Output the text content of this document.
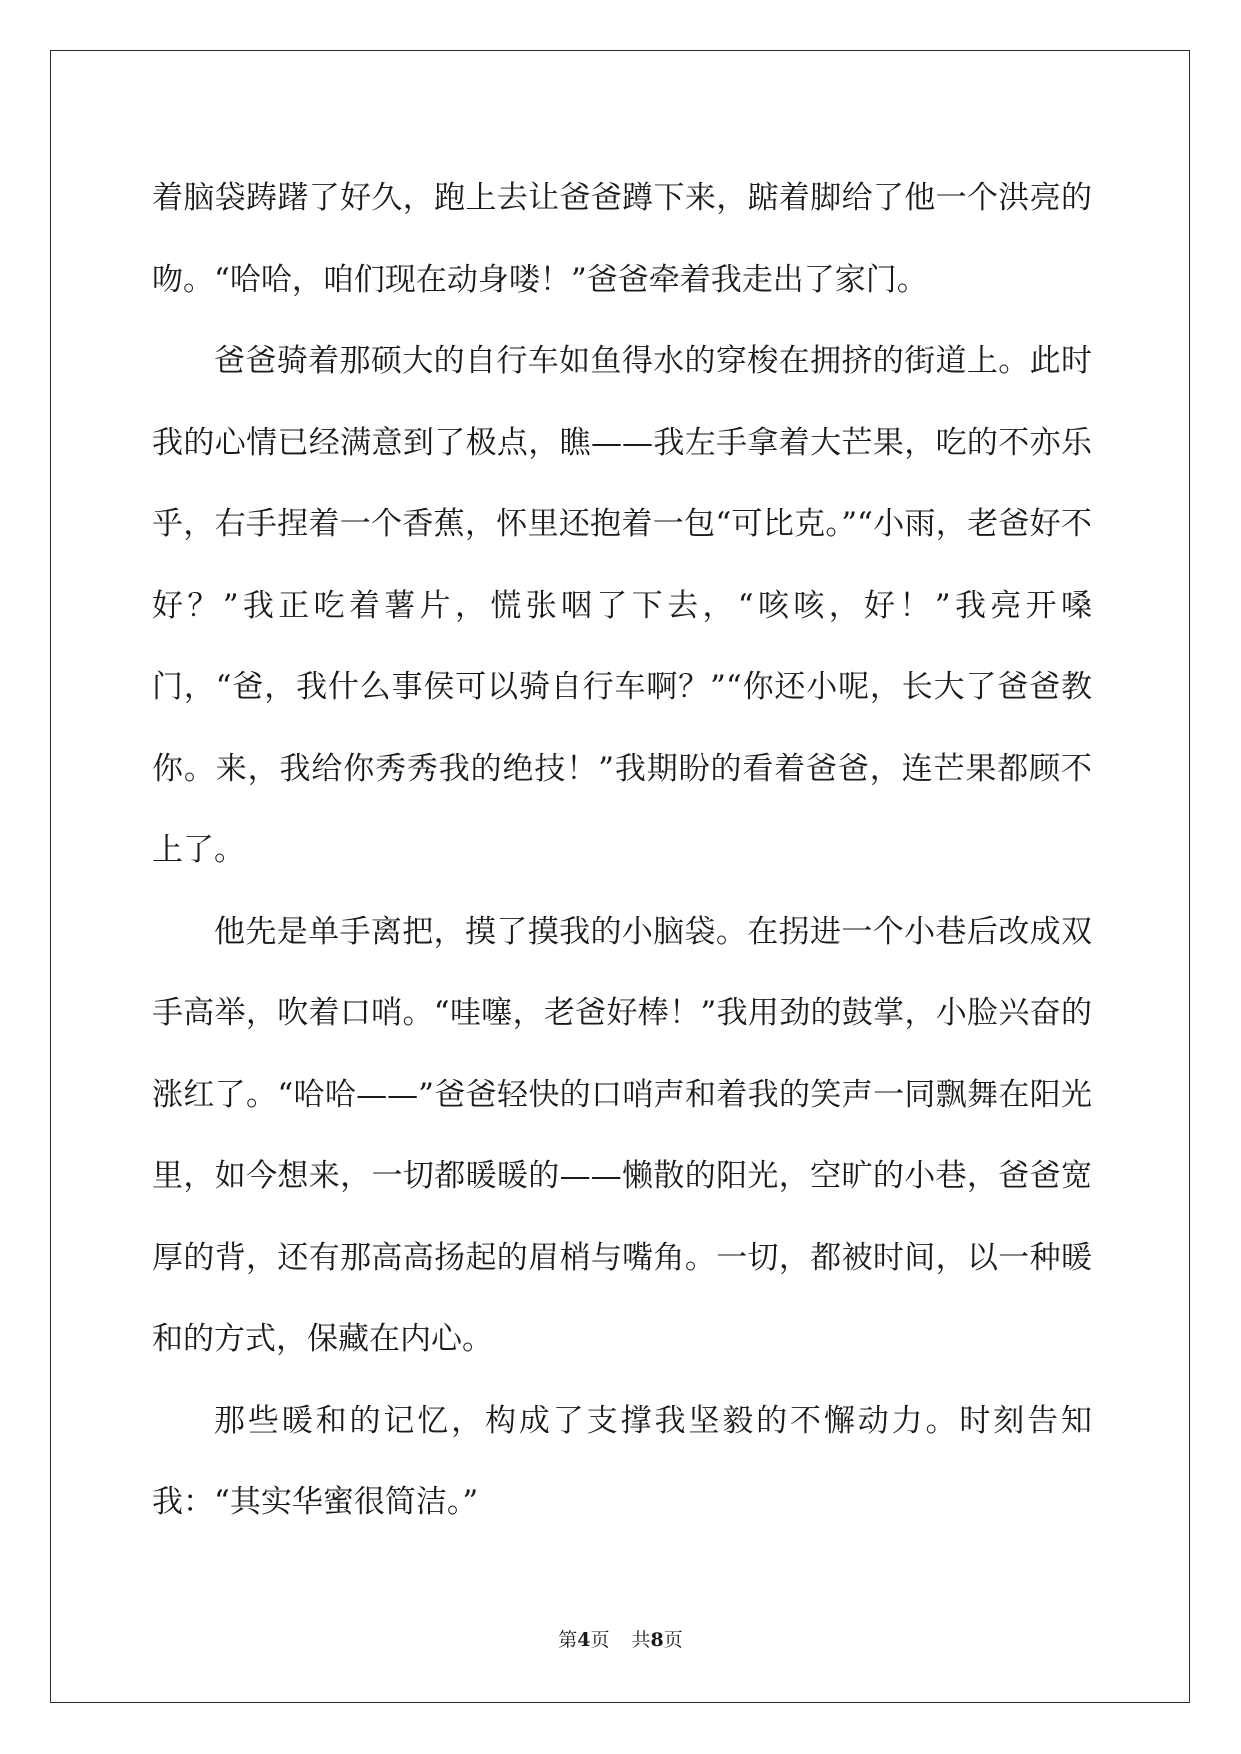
着脑袋踌躇了好久，跑上去让爸爸蹲下来，踮着脚给了他一个洪亮的吻。“哈哈，咱们现在动身喽！”爸爸牵着我走出了家门。

爸爸骑着那硕大的自行车如鱼得水的穿梭在拥挤的街道上。此时我的心情已经满意到了极点，瞧——我左手拿着大芒果，吃的不亦乐乎，右手捏着一个香蕉，怀里还抱着一包“可比克。”“小雨，老爸好不好？”我正吃着薯片，慌张咽了下去，“咳咳，好！”我亮开嗓门，“爸，我什么事侯可以骑自行车啊？”“你还小呢，长大了爸爸教你。来，我给你秀秀我的绝技！”我期盼的看着爸爸，连芒果都顾不上了。

他先是单手离把，摸了摸我的小脑袋。在拐进一个小巷后改成双手高举，吹着口哨。“哇噻，老爸好棒！”我用劲的鼓掌，小脸兴奋的涨红了。“哈哈——”爸爸轻快的口哨声和着我的笑声一同飘舞在阳光里，如今想来，一切都暖暖的——懒散的阳光，空旷的小巷，爸爸宽厚的背，还有那高高扬起的眉梢与嘴角。一切，都被时间，以一种暖和的方式，保藏在内心。

那些暖和的记忆，构成了支撑我坚毅的不懈动力。时刻告知我：“其实华蜜很简洁。”

第4页 共8页
